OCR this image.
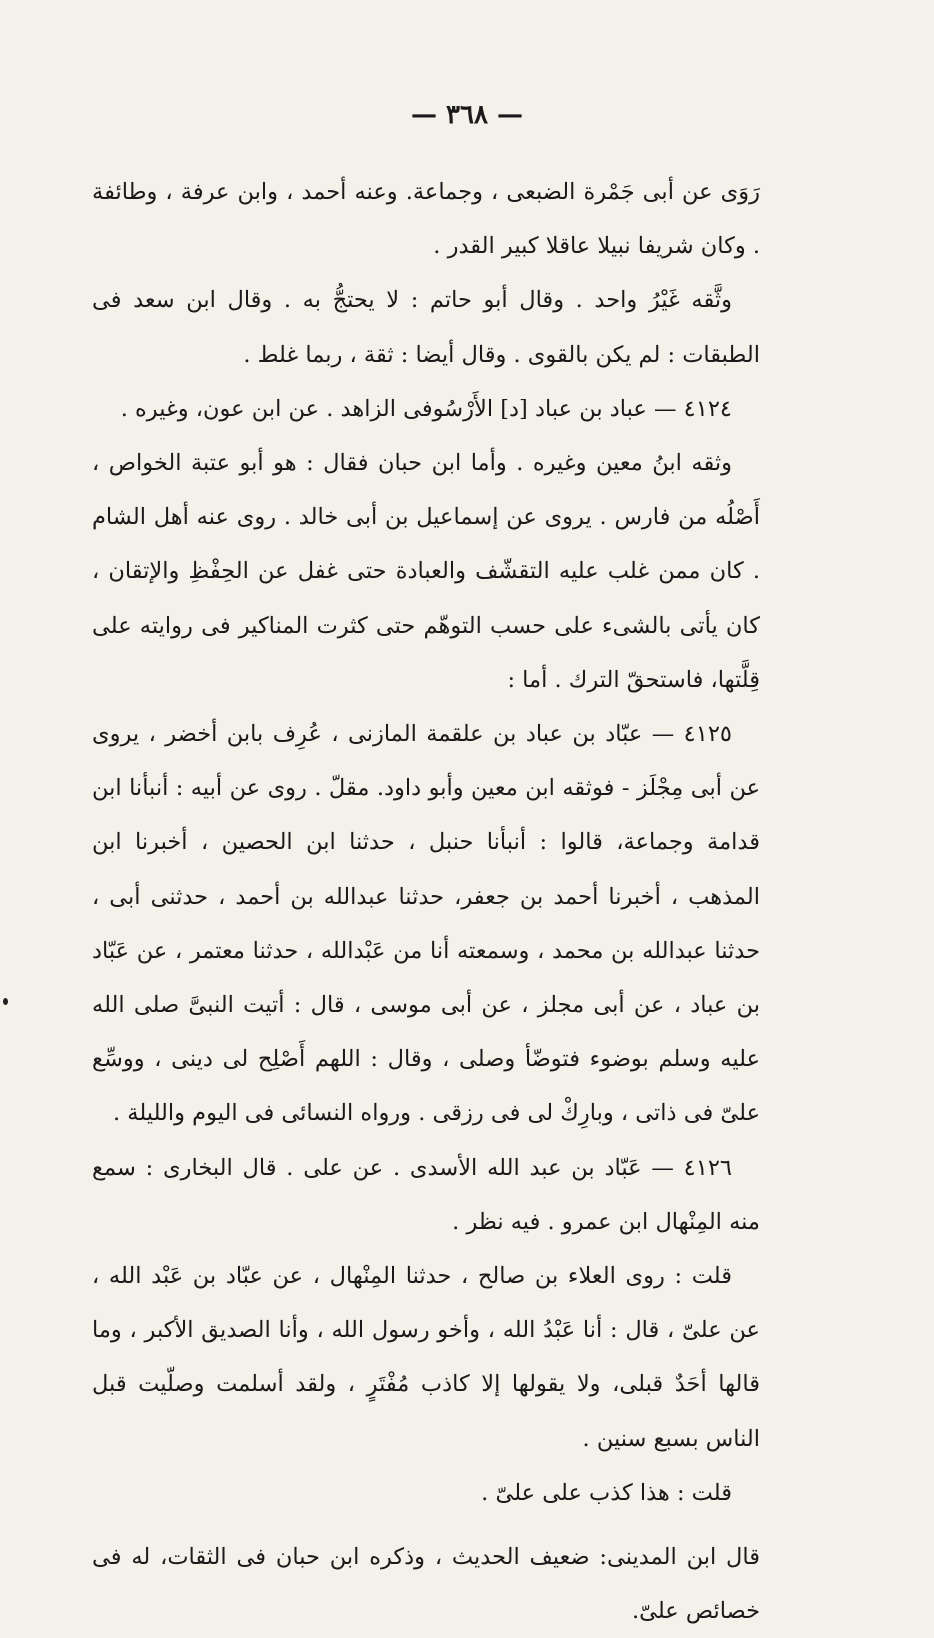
— ٣٦٨ —

رَوَى عن أبى جَمْرة الضبعى ، وجماعة. وعنه أحمد ، وابن عرفة ، وطائفة . وكان شريفا نبيلا عاقلا كبير القدر .

وثَّقه غَيْرُ واحد . وقال أبو حاتم : لا يحتجُّ به . وقال ابن سعد فى الطبقات : لم يكن بالقوى . وقال أيضا : ثقة ، ربما غلط .

٤١٢٤ — عباد بن عباد [د] الأَرْسُوفى الزاهد . عن ابن عون، وغيره .

وثقه ابنُ معين وغيره . وأما ابن حبان فقال : هو أبو عتبة الخواص ، أَصْلُه من فارس . يروى عن إسماعيل بن أبى خالد . روى عنه أهل الشام . كان ممن غلب عليه التقشّف والعبادة حتى غفل عن الحِفْظِ والإتقان ، كان يأتى بالشىء على حسب التوهّم حتى كثرت المناكير فى روايته على قِلَّتها، فاستحقّ الترك . أما :

٤١٢٥ — عبّاد بن عباد بن علقمة المازنى ، عُرِف بابن أخضر ، يروى عن أبى مِجْلَز - فوثقه ابن معين وأبو داود. مقلّ . روى عن أبيه : أنبأنا ابن قدامة وجماعة، قالوا : أنبأنا حنبل ، حدثنا ابن الحصين ، أخبرنا ابن المذهب ، أخبرنا أحمد بن جعفر، حدثنا عبدالله بن أحمد ، حدثنى أبى ، حدثنا عبدالله بن محمد ، وسمعته أنا من عَبْدالله ، حدثنا معتمر ، عن عَبّاد بن عباد ، عن أبى مجلز ، عن أبى موسى ، قال : أتيت النبىَّ صلى الله عليه وسلم بوضوء فتوضّأ وصلى ، وقال : اللهم أَصْلِح لى دينى ، ووسِّع علىّ فى ذاتى ، وبارِكْ لى فى رزقى . ورواه النسائى فى اليوم والليلة .

٤١٢٦ — عَبّاد بن عبد الله الأسدى . عن على . قال البخارى : سمع منه المِنْهال ابن عمرو . فيه نظر .

قلت : روى العلاء بن صالح ، حدثنا المِنْهال ، عن عبّاد بن عَبْد الله ، عن علىّ ، قال : أنا عَبْدُ الله ، وأخو رسول الله ، وأنا الصديق الأكبر ، وما قالها أحَدٌ قبلى، ولا يقولها إلا كاذب مُفْتَرٍ ، ولقد أسلمت وصلّيت قبل الناس بسبع سنين .

قلت : هذا كذب على علىّ .

قال ابن المدينى: ضعيف الحديث ، وذكره ابن حبان فى الثقات، له فى خصائص علىّ.
